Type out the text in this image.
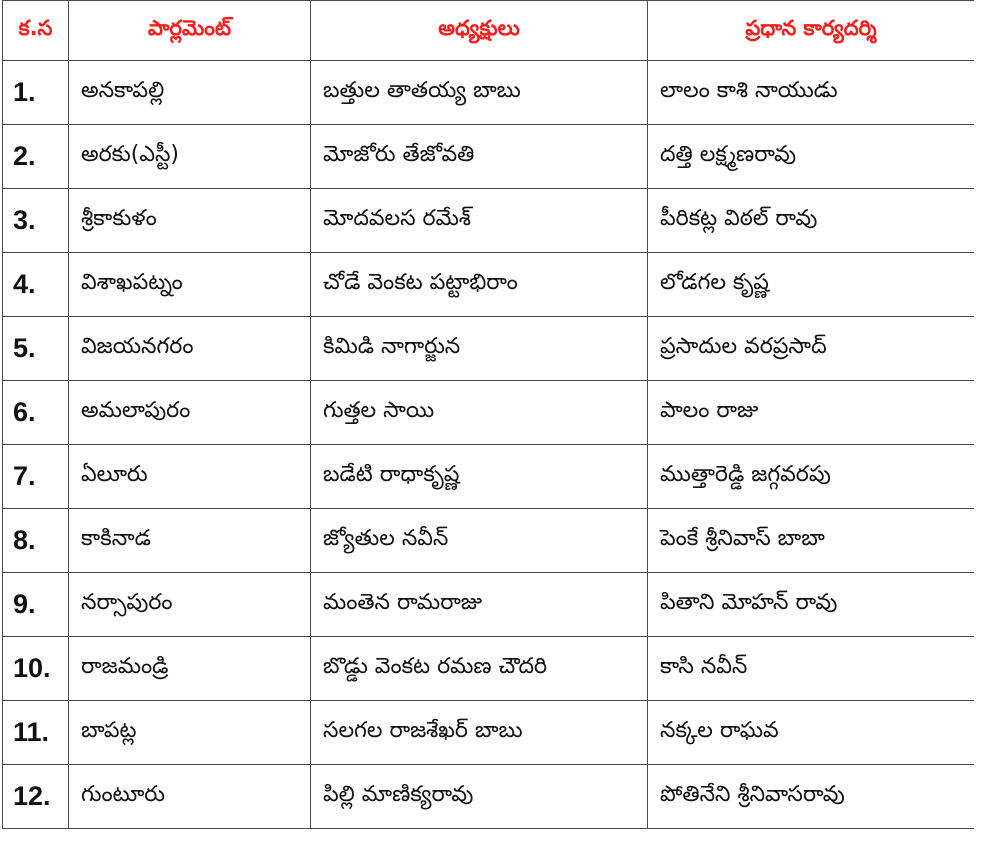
క.స	పార్లమెంట్	అధ్యక్షులు	ప్రధాన కార్యదర్శి
1.	అనకాపల్లి	బత్తుల తాతయ్య బాబు	లాలం కాశి నాయుడు
2.	అరకు(ఎస్టీ)	మోజోరు తేజోవతి	దత్తి లక్ష్మణరావు
3.	శ్రీకాకుళం	మోదవలస రమేశ్	పీరికట్ల విఠల్ రావు
4.	విశాఖపట్నం	చోడే వెంకట పట్టాభిరాం	లోడగల కృష్ణ
5.	విజయనగరం	కిమిడి నాగార్జున	ప్రసాదుల వరప్రసాద్
6.	అమలాపురం	గుత్తల సాయి	పాలం రాజు
7.	ఏలూరు	బడేటి రాధాకృష్ణ	ముత్తారెడ్డి జగ్గవరపు
8.	కాకినాడ	జ్యోతుల నవీన్	పెంకే శ్రీనివాస్ బాబా
9.	నర్సాపురం	మంతెన రామరాజు	పితాని మోహన్ రావు
10.	రాజమండ్రి	బొడ్డు వెంకట రమణ చౌదరి	కాసి నవీన్
11.	బాపట్ల	సలగల రాజశేఖర్ బాబు	నక్కల రాఘవ
12.	గుంటూరు	పిల్లి మాణిక్యరావు	పోతినేని శ్రీనివాసరావు
